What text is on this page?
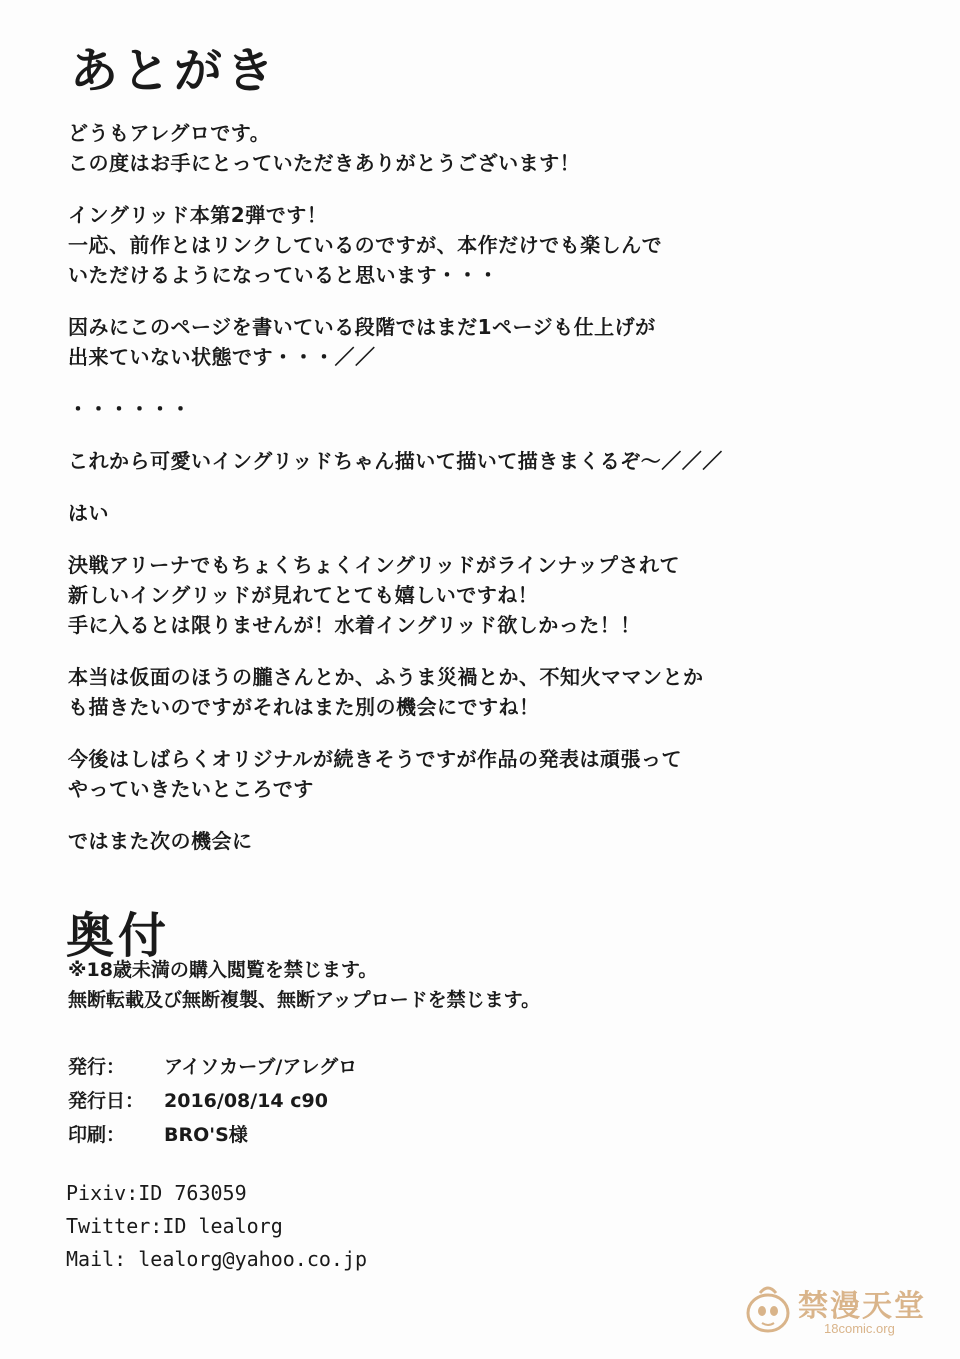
あとがき
どうもアレグロです。
この度はお手にとっていただきありがとうございます！
イングリッド本第2弾です！
一応、前作とはリンクしているのですが、本作だけでも楽しんで
いただけるようになっていると思います・・・
因みにこのページを書いている段階ではまだ1ページも仕上げが
出来ていない状態です・・・／／
・・・・・・
これから可愛いイングリッドちゃん描いて描いて描きまくるぞ～／／／
はい
決戦アリーナでもちょくちょくイングリッドがラインナップされて
新しいイングリッドが見れてとても嬉しいですね！
手に入るとは限りませんが！水着イングリッド欲しかった！！
本当は仮面のほうの朧さんとか、ふうま災禍とか、不知火ママンとか
も描きたいのですがそれはまた別の機会にですね！
今後はしばらくオリジナルが続きそうですが作品の発表は頑張って
やっていきたいところです
ではまた次の機会に
奥付
※18歳未満の購入閲覧を禁じます。
無断転載及び無断複製、無断アップロードを禁じます。
発行：	アイソカーブ/アレグロ
発行日：	2016/08/14 c90
印刷：	BRO'S様
Pixiv:ID 763059
Twitter:ID lealorg
Mail: lealorg@yahoo.co.jp
禁漫天堂
18comic.org
